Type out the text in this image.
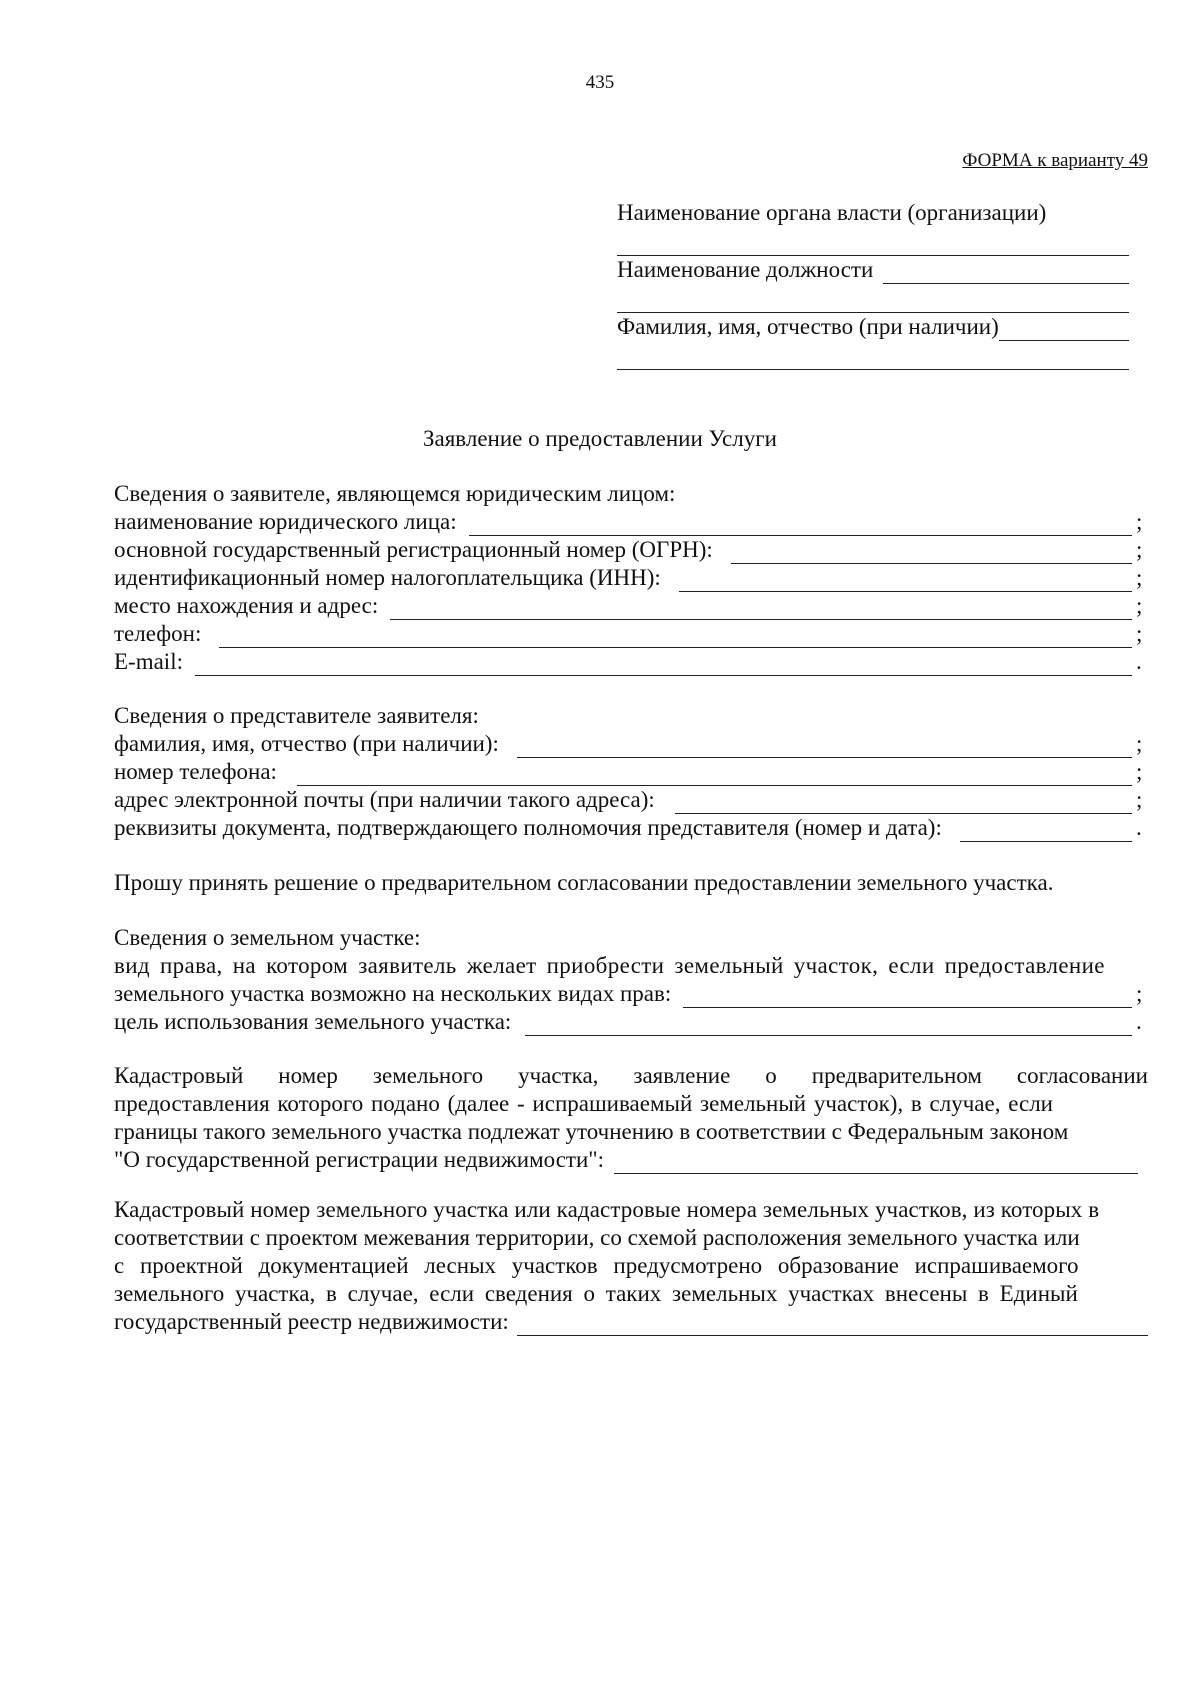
435
ФОРМА к варианту 49
Наименование органа власти (организации)
Наименование должности
Фамилия, имя, отчество (при наличии)
Заявление о предоставлении Услуги
Сведения о заявителе, являющемся юридическим лицом:
наименование юридического лица:	;
основной государственный регистрационный номер (ОГРН):	;
идентификационный номер налогоплательщика (ИНН):	;
место нахождения и адрес:	;
телефон:	;
E-mail:	.
Сведения о представителе заявителя:
фамилия, имя, отчество (при наличии):	;
номер телефона:	;
адрес электронной почты (при наличии такого адреса):	;
реквизиты документа, подтверждающего полномочия представителя (номер и дата):	.
Прошу принять решение о предварительном согласовании предоставлении земельного участка.
Сведения о земельном участке:
вид права, на котором заявитель желает приобрести земельный участок, если предоставление
земельного участка возможно на нескольких видах прав:	;
цель использования земельного участка:	.
Кадастровый номер земельного участка, заявление о предварительном согласовании
предоставления которого подано (далее - испрашиваемый земельный участок), в случае, если
границы такого земельного участка подлежат уточнению в соответствии с Федеральным законом
"О государственной регистрации недвижимости":
Кадастровый номер земельного участка или кадастровые номера земельных участков, из которых в
соответствии с проектом межевания территории, со схемой расположения земельного участка или
с проектной документацией лесных участков предусмотрено образование испрашиваемого
земельного участка, в случае, если сведения о таких земельных участках внесены в Единый
государственный реестр недвижимости:
